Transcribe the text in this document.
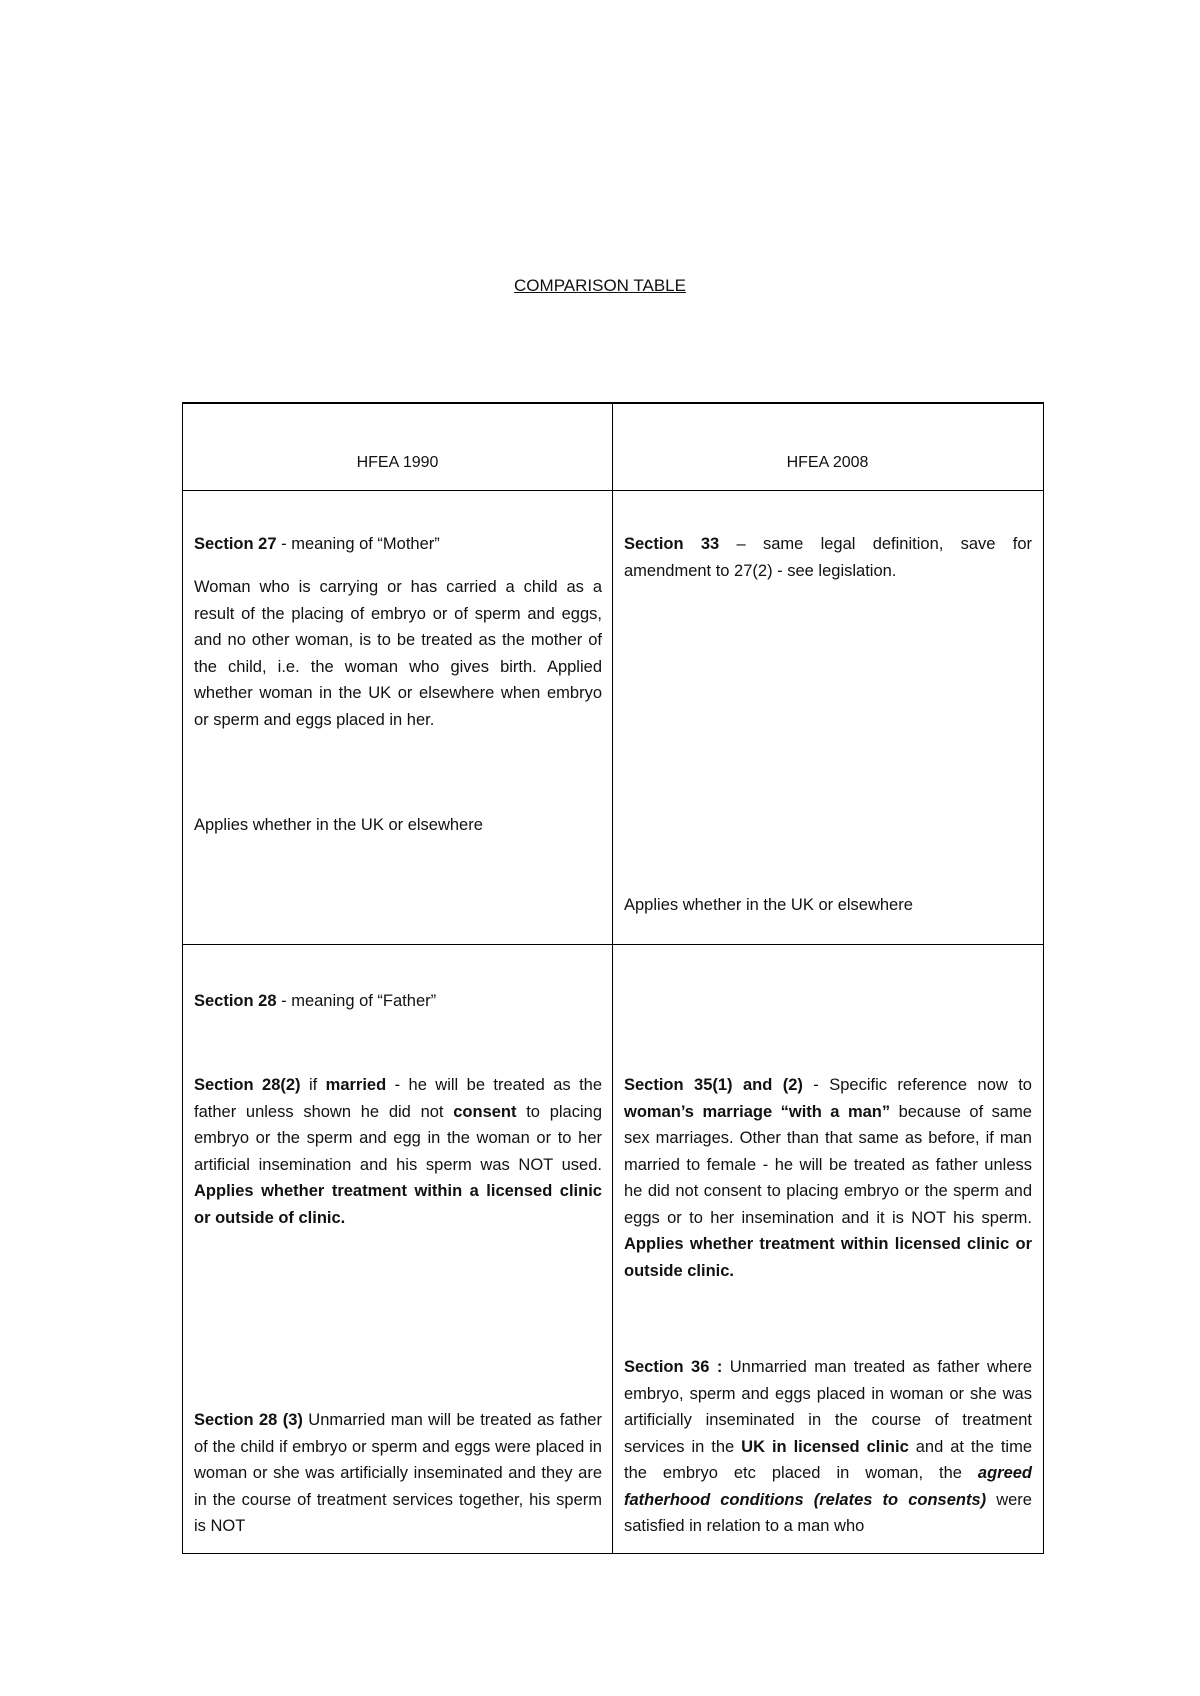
COMPARISON TABLE
HFEA 1990	HFEA 2008
Section 27 - meaning of “Mother”
Woman who is carrying or has carried a child as a result of the placing of embryo or of sperm and eggs, and no other woman, is to be treated as the mother of the child, i.e. the woman who gives birth. Applied whether woman in the UK or elsewhere when embryo or sperm and eggs placed in her.
Applies whether in the UK or elsewhere
Section 33 – same legal definition, save for amendment to 27(2) - see legislation.
Applies whether in the UK or elsewhere
Section 28 - meaning of “Father”
Section 28(2) if married - he will be treated as the father unless shown he did not consent to placing embryo or the sperm and egg in the woman or to her artificial insemination and his sperm was NOT used. Applies whether treatment within a licensed clinic or outside of clinic.
Section 28 (3) Unmarried man will be treated as father of the child if embryo or sperm and eggs were placed in woman or she was artificially inseminated and they are in the course of treatment services together, his sperm is NOT
Section 35(1) and (2) - Specific reference now to woman’s marriage “with a man” because of same sex marriages. Other than that same as before, if man married to female - he will be treated as father unless he did not consent to placing embryo or the sperm and eggs or to her insemination and it is NOT his sperm. Applies whether treatment within licensed clinic or outside clinic.
Section 36 : Unmarried man treated as father where embryo, sperm and eggs placed in woman or she was artificially inseminated in the course of treatment services in the UK in licensed clinic and at the time the embryo etc placed in woman, the agreed fatherhood conditions (relates to consents) were satisfied in relation to a man who
